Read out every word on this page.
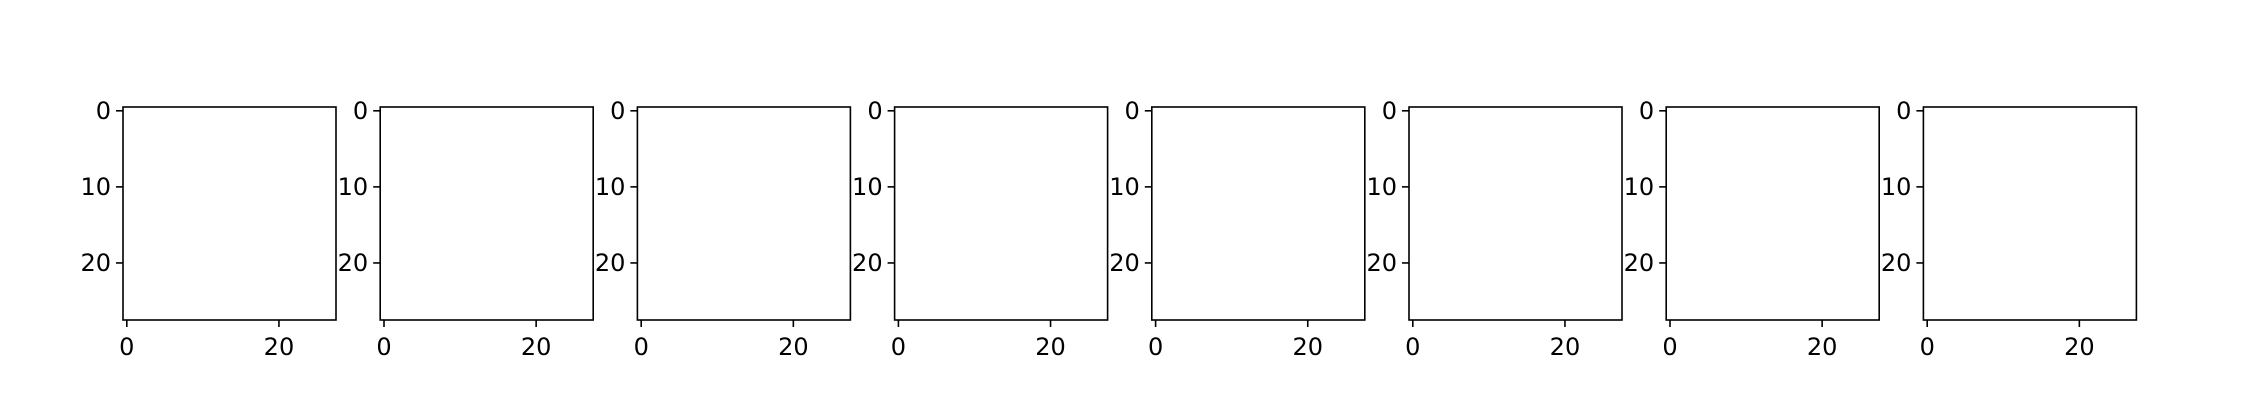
0	20
0
10
20
0	20
0
10
20
0	20
0
10
20
0	20
0
10
20
0	20
0
10
20
0	20
0
10
20
0	20
0
10
20
0	20
0
10
20
